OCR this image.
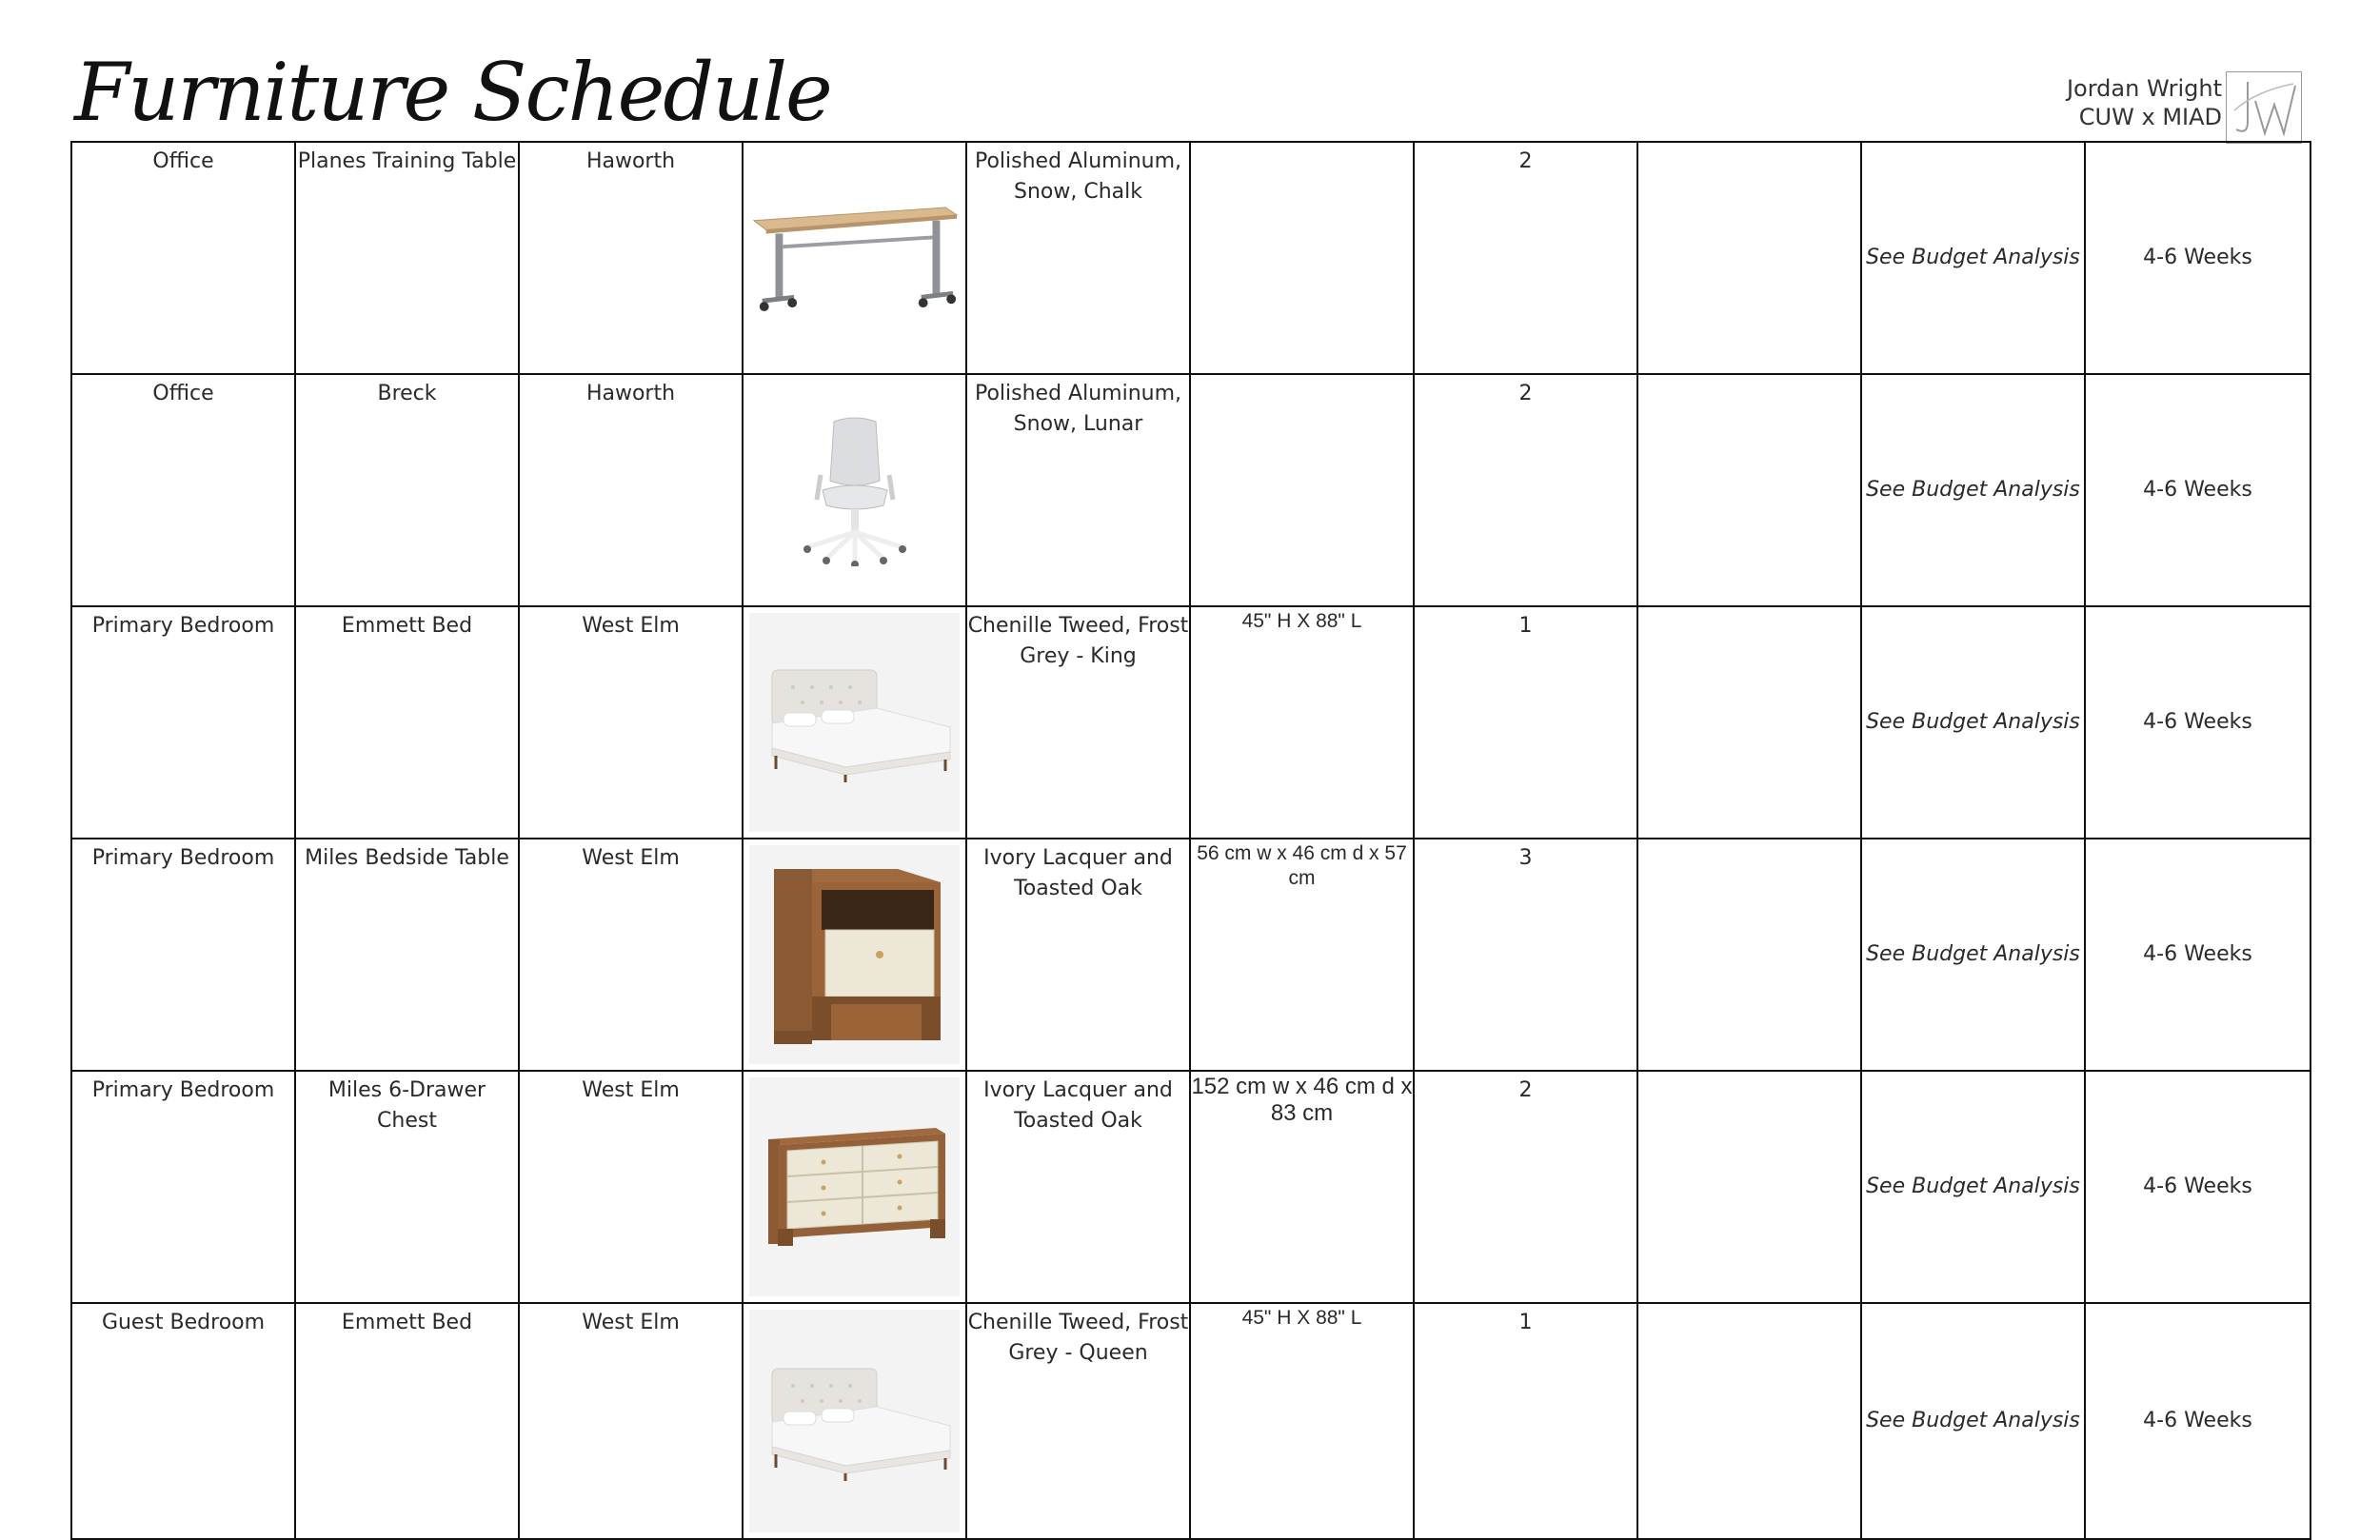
Furniture Schedule	Jordan Wright
CUW x MIAD
Office	Planes Training Table	Haworth		Polished Aluminum, Snow, Chalk		2		See Budget Analysis	4-6 Weeks

Office	Breck	Haworth		Polished Aluminum, Snow, Lunar		2		See Budget Analysis	4-6 Weeks

Primary Bedroom	Emmett Bed	West Elm		Chenille Tweed, Frost Grey - King	45" H X 88" L	1		See Budget Analysis	4-6 Weeks

Primary Bedroom	Miles Bedside Table	West Elm		Ivory Lacquer and Toasted Oak	56 cm w x 46 cm d x 57 cm	3		See Budget Analysis	4-6 Weeks

Primary Bedroom	Miles 6-Drawer Chest	West Elm		Ivory Lacquer and Toasted Oak	152 cm w x 46 cm d x 83 cm	2		See Budget Analysis	4-6 Weeks

Guest Bedroom	Emmett Bed	West Elm		Chenille Tweed, Frost Grey - Queen	45" H X 88" L	1		See Budget Analysis	4-6 Weeks
